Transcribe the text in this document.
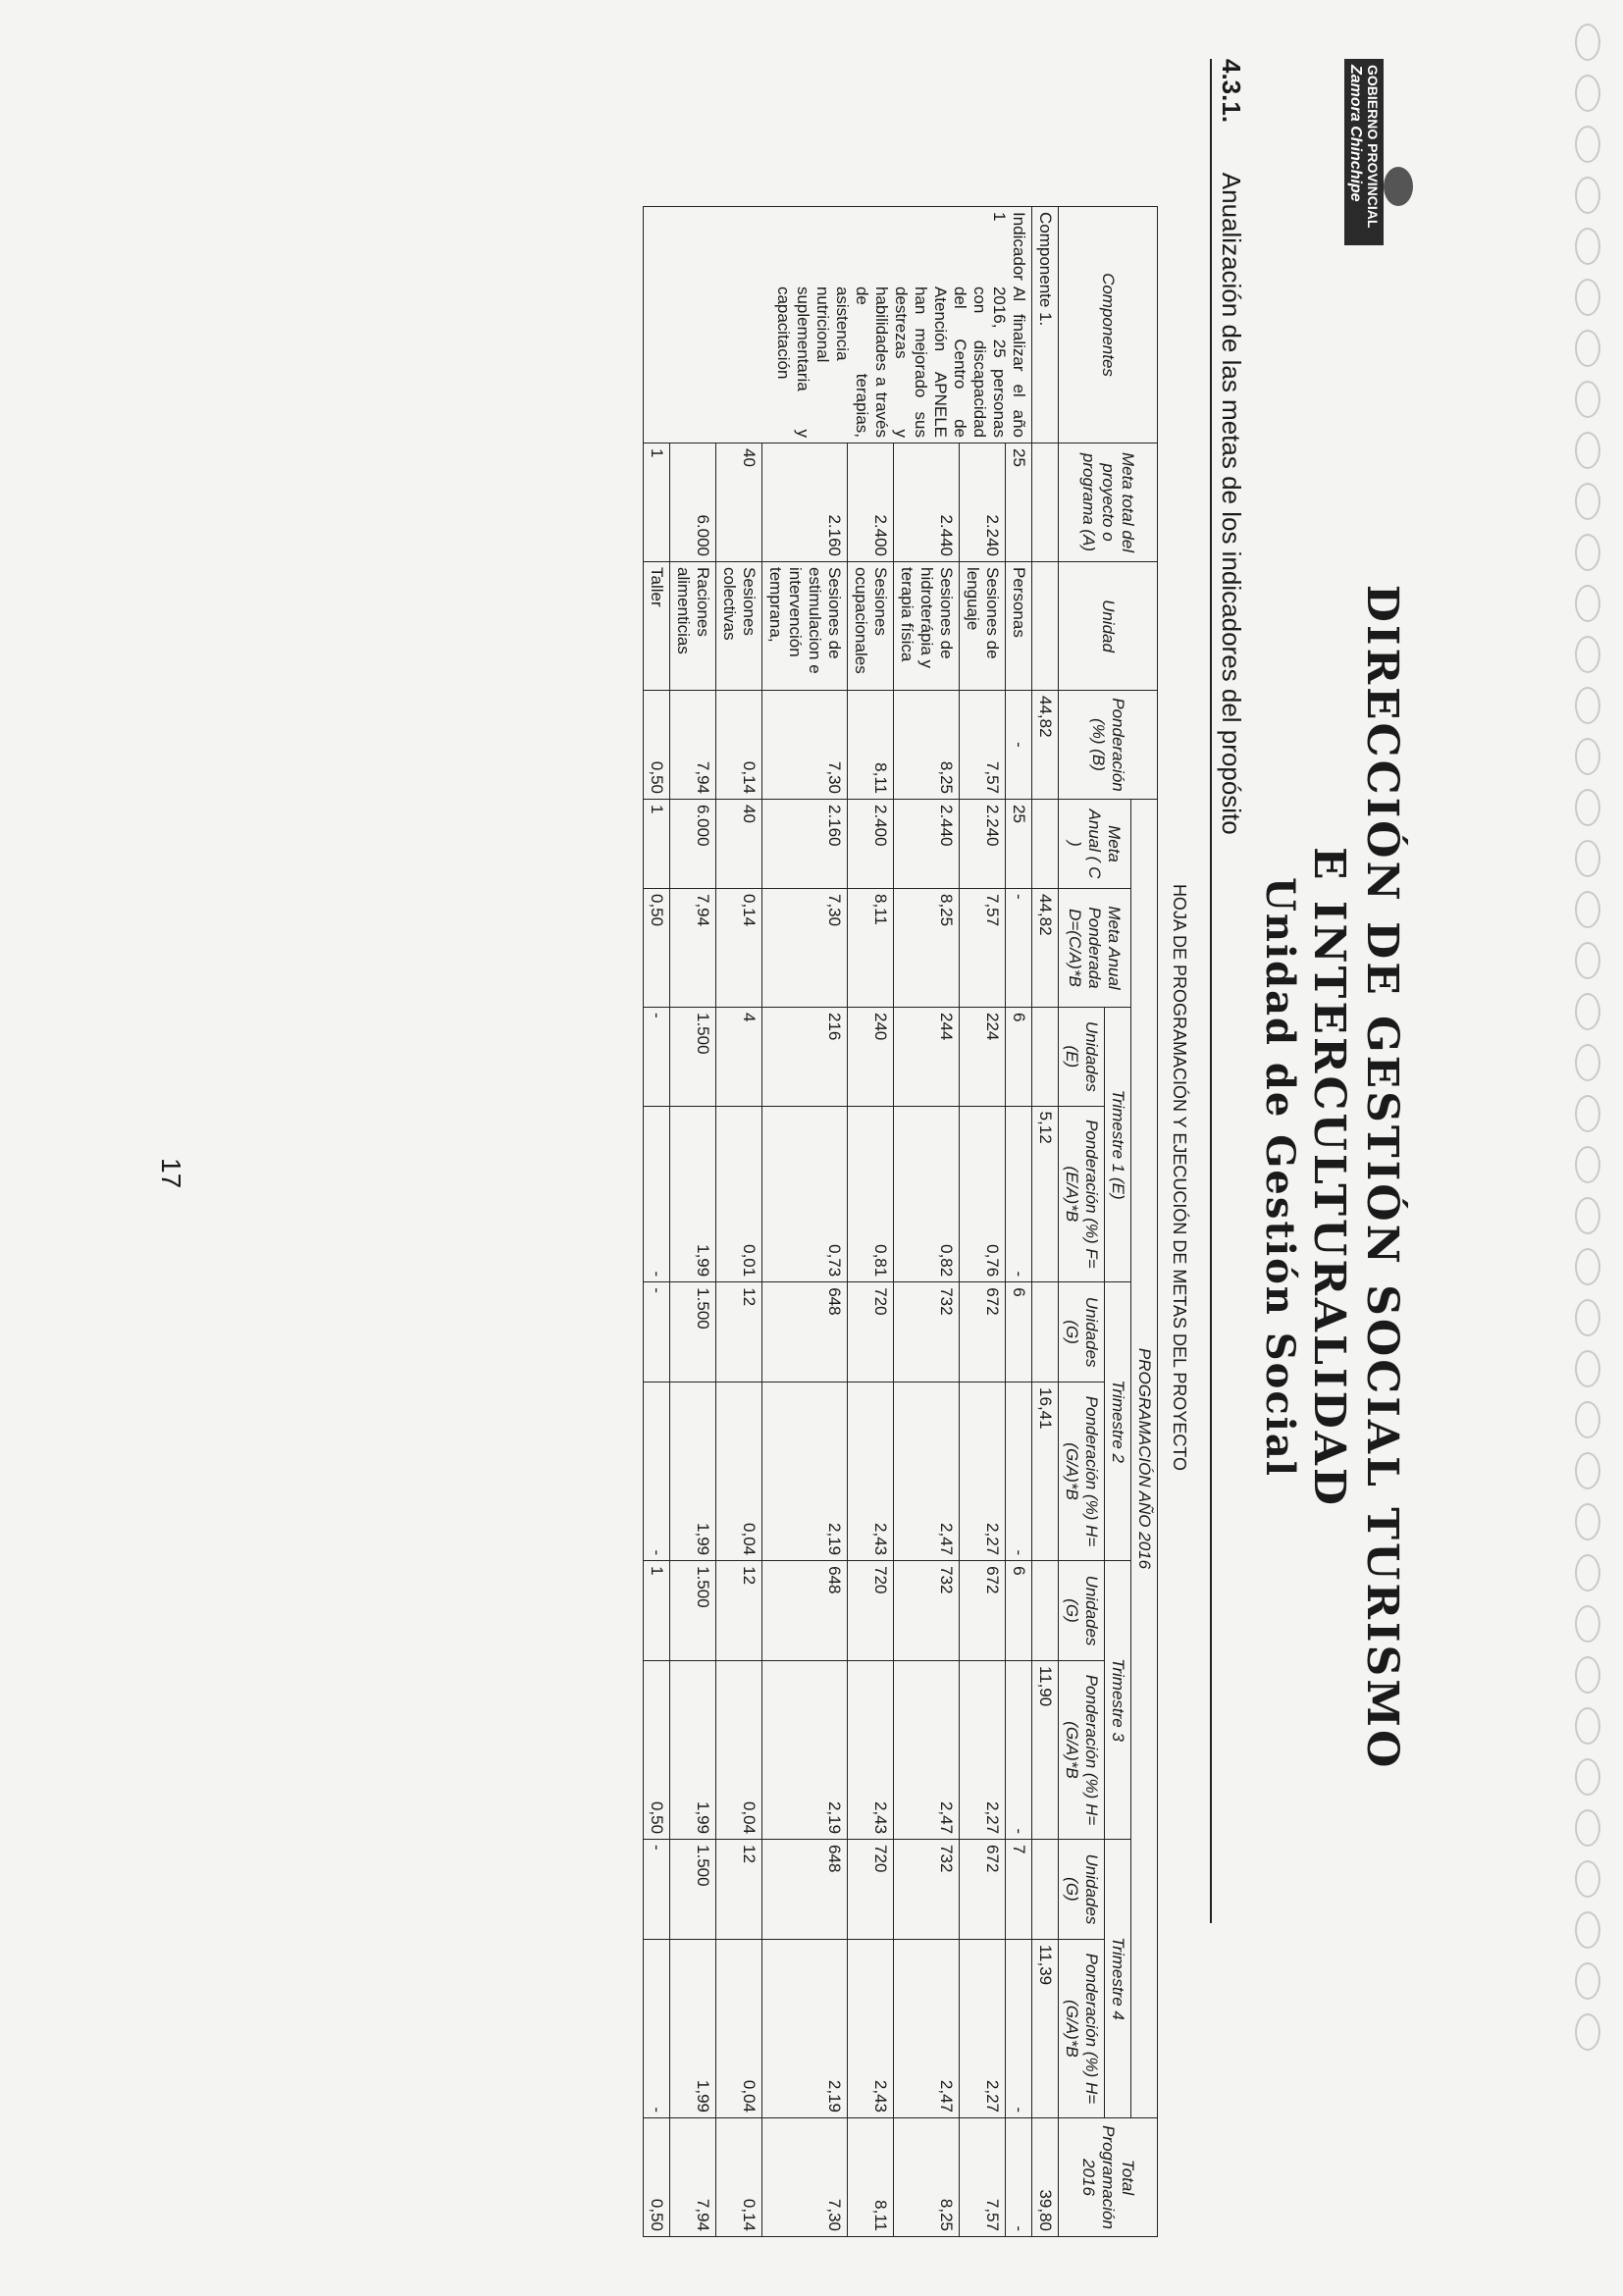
GOBIERNO PROVINCIAL
Zamora Chinchipe
DIRECCIÓN DE GESTIÓN SOCIAL TURISMO
E INTERCULTURALIDAD
Unidad de Gestión Social
4.3.1. Anualización de las metas de los indicadores del propósito
HOJA DE PROGRAMACIÓN Y EJECUCIÓN DE METAS DEL PROYECTO
Componentes	Meta total del proyecto o programa (A)	Unidad	Ponderación (%) (B)	PROGRAMACIÓN AÑO 2016										Total Programación 2016
				Meta Anual ( C )	Meta Anual Ponderada D=(C/A)*B	Trimestre 1 (E)		Trimestre 2		Trimestre 3		Trimestre 4		
						Unidades (E)	Ponderación (%) F=(E/A)*B	Unidades (G)	Ponderación (%) H=(G/A)*B	Unidades (G)	Ponderación (%) H=(G/A)*B	Unidades (G)	Ponderación (%) H=(G/A)*B	
Componente 1.			44,82		44,82		5,12		16,41		11,90		11,39	39,80

Indicador 1
Al finalizar el año 2016, 25 personas con discapacidad del Centro de Atención APNELE han mejorado sus destrezas y habilidades a través de terapias, asistencia nutricional suplementaria y capacitación	25	Personas	-	25	-	6	-	6	-	6	-	7	-	-
	2.240	Sesiones de lenguaje	7,57	2.240	7,57	224	0,76	672	2,27	672	2,27	672	2,27	7,57
	2.440	Sesiones de hidroterápia y terapia física	8,25	2.440	8,25	244	0,82	732	2,47	732	2,47	732	2,47	8,25
	2.400	Sesiones ocupacionales	8,11	2.400	8,11	240	0,81	720	2,43	720	2,43	720	2,43	8,11
	2.160	Sesiones de estimulacion e intervención temprana,	7,30	2.160	7,30	216	0,73	648	2,19	648	2,19	648	2,19	7,30
	40	Sesiones colectivas	0,14	40	0,14	4	0,01	12	0,04	12	0,04	12	0,04	0,14
	6.000	Raciones alimenticias	7,94	6.000	7,94	1.500	1,99	1.500	1,99	1.500	1,99	1.500	1,99	7,94
	1	Taller	0,50	1	0,50	-	-	-	-	1	0,50	-	-	0,50
17
